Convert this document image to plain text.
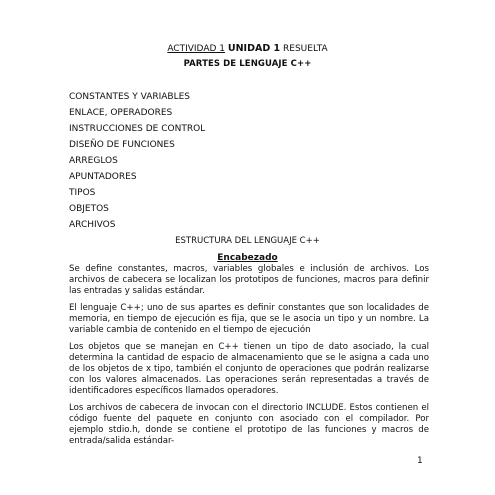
ACTIVIDAD 1 UNIDAD 1 RESUELTA
PARTES DE LENGUAJE C++
CONSTANTES Y VARIABLES
ENLACE, OPERADORES
INSTRUCCIONES DE CONTROL
DISEÑO DE FUNCIONES
ARREGLOS
APUNTADORES
TIPOS
OBJETOS
ARCHIVOS
ESTRUCTURA DEL LENGUAJE C++
Encabezado

Se define constantes, macros, variables globales e inclusión de archivos. Los archivos de cabecera se localizan los prototipos de funciones, macros para definir las entradas y salidas estándar.

El lenguaje C++; uno de sus apartes es definir constantes que son localidades de memoria, en tiempo de ejecución es fija, que se le asocia un tipo y un nombre. La variable cambia de contenido en el tiempo de ejecución

Los objetos que se manejan en C++ tienen un tipo de dato asociado, la cual determina la cantidad de espacio de almacenamiento que se le asigna a cada uno de los objetos de x tipo, también el conjunto de operaciones que podrán realizarse con los valores almacenados. Las operaciones serán representadas a través de identificadores específicos llamados operadores.

Los archivos de cabecera de invocan con el directorio INCLUDE. Estos contienen el código fuente del paquete en conjunto con asociado con el compilador. Por ejemplo stdio.h, donde se contiene el prototipo de las funciones y macros de entrada/salida estándar-

1
